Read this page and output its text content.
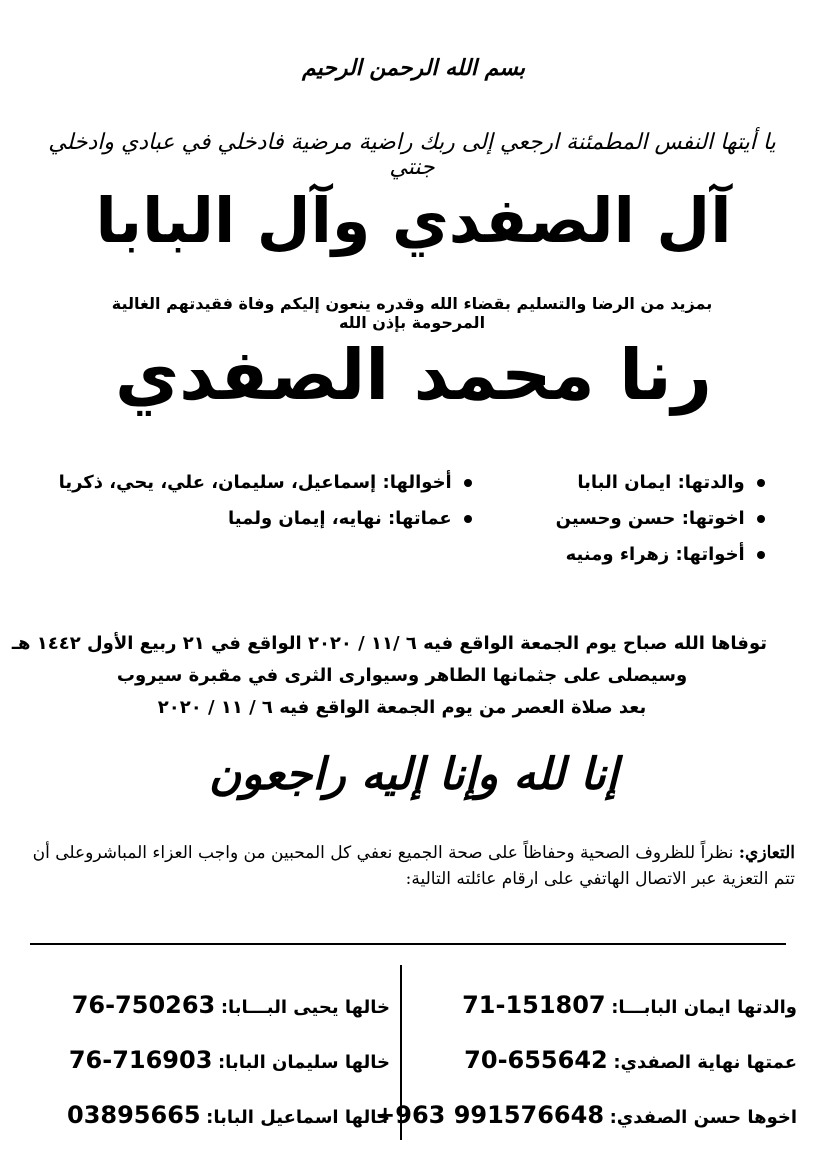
بسم الله الرحمن الرحيم
يا أيتها النفس المطمئنة ارجعي إلى ربك راضية مرضية فادخلي في عبادي وادخلي جنتي
آل الصفدي وآل البابا
بمزيد من الرضا والتسليم بقضاء الله وقدره ينعون إليكم وفاة فقيدتهم الغالية المرحومة بإذن الله
رنا محمد الصفدي
والدتها: ايمان البابا
اخوتها: حسن وحسين
أخواتها: زهراء ومنيه
أخوالها: إسماعيل، سليمان، علي، يحي، ذكريا
عماتها: نهايه، إيمان ولميا
توفاها الله صباح يوم الجمعة الواقع فيه ٦ /١١ / ٢٠٢٠ الواقع في ٢١ ربيع الأول ١٤٤٢ هـ
وسيصلى على جثمانها الطاهر وسيوارى الثرى في مقبرة سيروب
بعد صلاة العصر من يوم الجمعة الواقع فيه ٦ / ١١ / ٢٠٢٠
إنا لله وإنا إليه راجعون
التعازي: نظراً للظروف الصحية وحفاظاً على صحة الجميع نعفي كل المحبين من واجب العزاء المباشروعلى أن تتم التعزية عبر الاتصال الهاتفي على ارقام عائلته التالية:
والدتها ايمان البابـــا: 71-151807
عمتها نهاية الصفدي: 70-655642
اخوها حسن الصفدي: +963 991576648
خالها يحيى البـــابا: 76-750263
خالها سليمان البابا: 76-716903
خالها اسماعيل البابا: 03895665
